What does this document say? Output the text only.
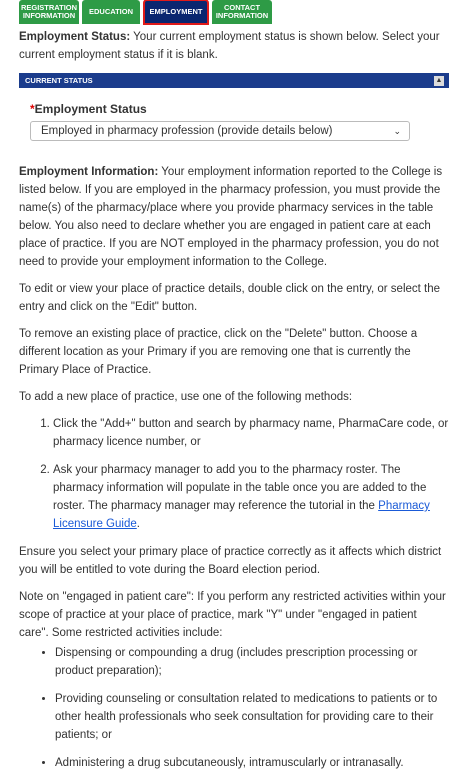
REGISTRATION
INFORMATION EDUCATION EMPLOYMENT	CONTACT
INFORMATION

Employment Status: Your current employment status is shown below. Select your current employment status if it is blank.

CURRENT STATUS	▲
*Employment Status
Employed in pharmacy profession (provide details below)	⌄

Employment Information: Your employment information reported to the College is listed below. If you are employed in the pharmacy profession, you must provide the name(s) of the pharmacy/place where you provide pharmacy services in the table below. You also need to declare whether you are engaged in patient care at each place of practice. If you are NOT employed in the pharmacy profession, you do not need to provide your employment information to the College.

To edit or view your place of practice details, double click on the entry, or select the entry and click on the "Edit" button.

To remove an existing place of practice, click on the "Delete" button. Choose a different location as your Primary if you are removing one that is currently the Primary Place of Practice.

To add a new place of practice, use one of the following methods:

1. Click the "Add+" button and search by pharmacy name, PharmaCare code, or pharmacy licence number, or
2. Ask your pharmacy manager to add you to the pharmacy roster. The pharmacy information will populate in the table once you are added to the roster. The pharmacy manager may reference the tutorial in the Pharmacy Licensure Guide.

Ensure you select your primary place of practice correctly as it affects which district you will be entitled to vote during the Board election period.

Note on "engaged in patient care": If you perform any restricted activities within your scope of practice at your place of practice, mark "Y" under "engaged in patient care". Some restricted activities include:

• Dispensing or compounding a drug (includes prescription processing or product preparation);
• Providing counseling or consultation related to medications to patients or to other health professionals who seek consultation for providing care to their patients; or
• Administering a drug subcutaneously, intramuscularly or intranasally.
